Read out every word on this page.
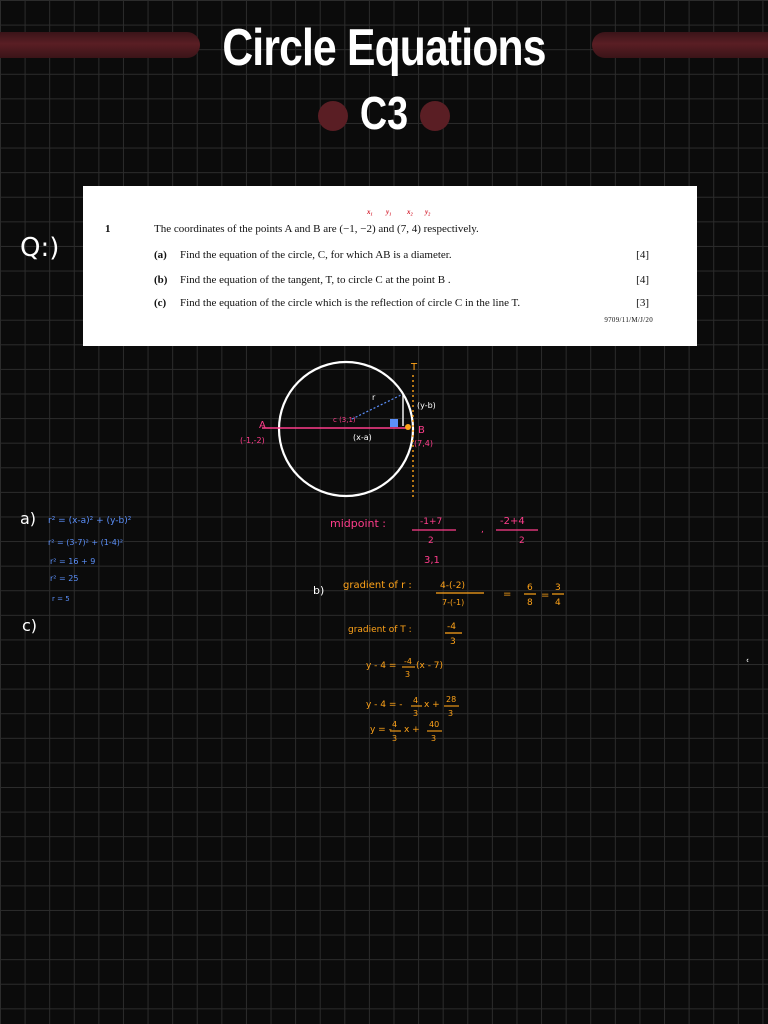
Circle Equations
C3
x₁ y₁ x₂ y₂
1	The coordinates of the points A and B are (−1, −2) and (7, 4) respectively.
(a) Find the equation of the circle, C, for which AB is a diameter.	[4]
(b) Find the equation of the tangent, T, to circle C at the point B .	[4]
(c) Find the equation of the circle which is the reflection of circle C in the line T.	[3]
9709/11/M/J/20
Q:)
T
r
c (3,1)
(x-a)
(y-b)
A
(-1,-2)
B
(7,4)
a) r² = (x-a)² + (y-b)²
r² = (3-7)² + (1-4)²
r² = 16 + 9
r² = 25
r = 5
c)
midpoint :	-1+7
2
,
-2+4
2
3,1
b) gradient of r :	4-(-2)
7-(-1)
=
6
8
=
3
4
gradient of T :	-4
3
y - 4 = -4
3
(x - 7)
y - 4 = - 4
3
x +
28
3
y = -
4
3
x +
40
3
ʿ
